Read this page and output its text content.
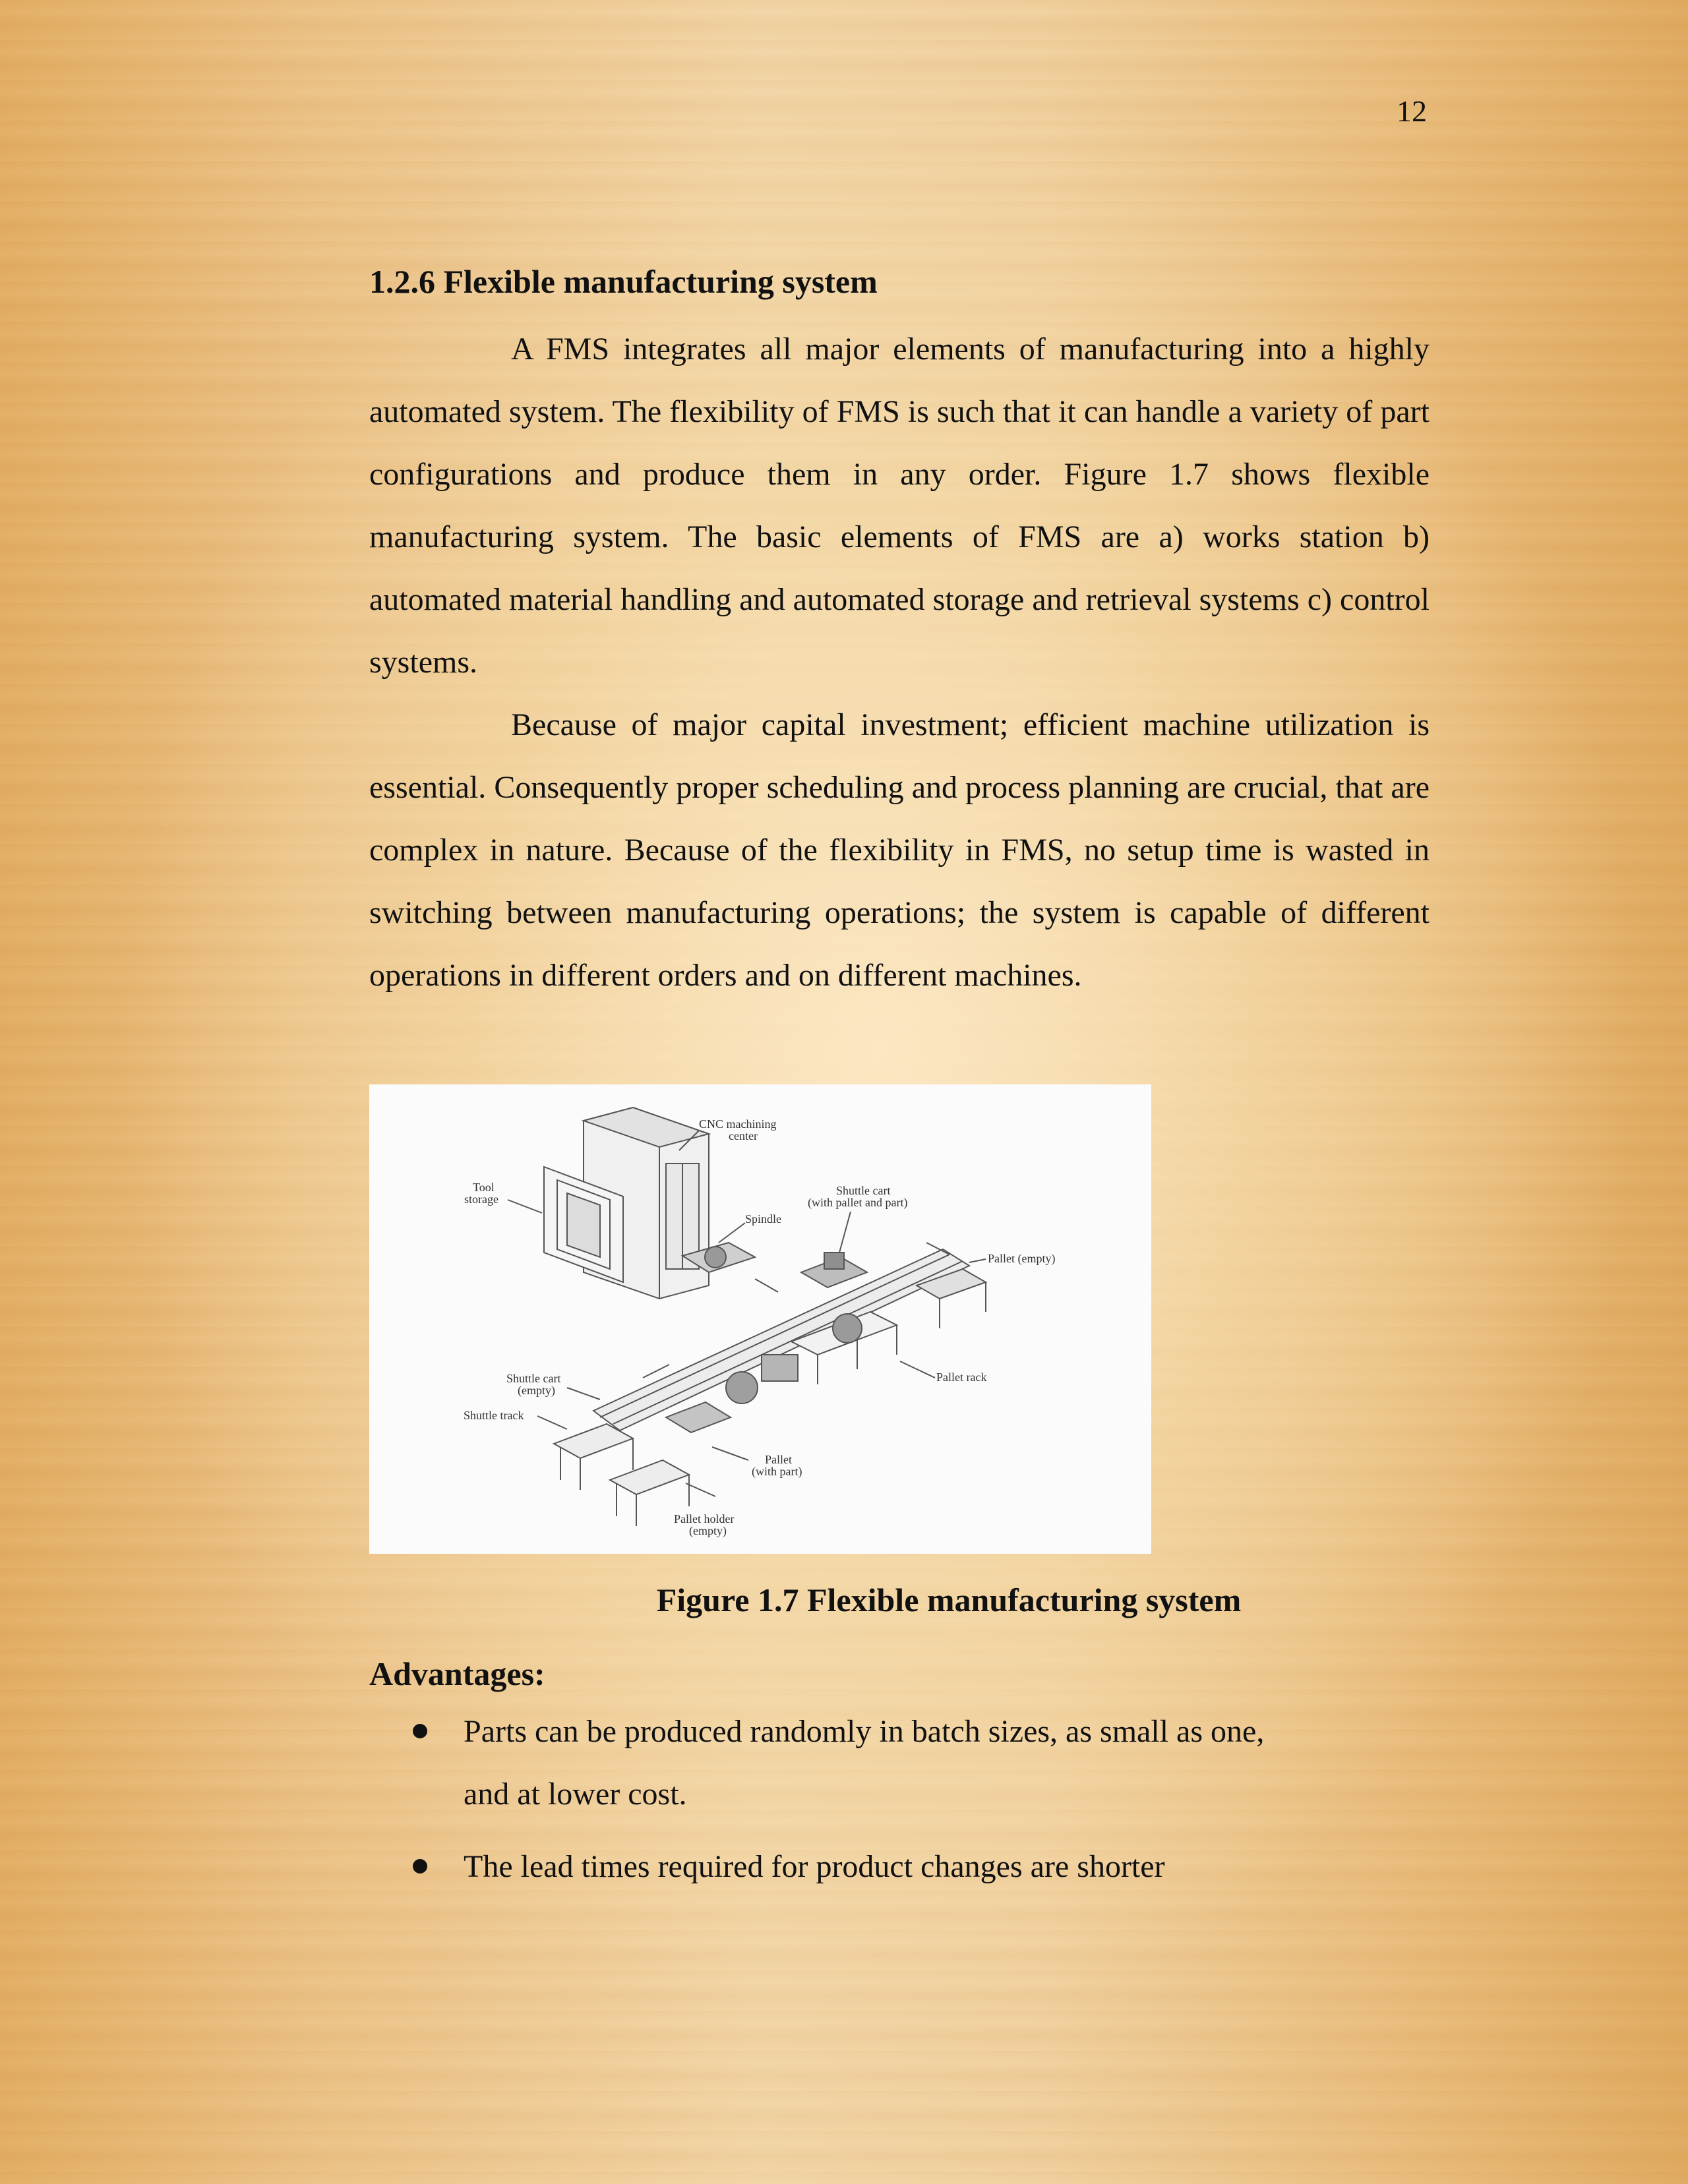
12
1.2.6 Flexible manufacturing system

A FMS integrates all major elements of manufacturing into a highly automated system. The flexibility of FMS is such that it can handle a variety of part configurations and produce them in any order. Figure 1.7 shows flexible manufacturing system. The basic elements of FMS are a) works station b) automated material handling and automated storage and retrieval systems c) control systems.

Because of major capital investment; efficient machine utilization is essential. Consequently proper scheduling and process planning are crucial, that are complex in nature. Because of the flexibility in FMS, no setup time is wasted in switching between manufacturing operations; the system is capable of different operations in different orders and on different machines.

CNC machining
center
Tool
storage
Spindle
Shuttle cart
(with pallet and part)
Pallet (empty)
Pallet rack
Shuttle cart
(empty)
Shuttle track
Pallet
(with part)
Pallet holder
(empty)

Figure 1.7 Flexible manufacturing system

Advantages:
Parts can be produced randomly in batch sizes, as small as one, and at lower cost.
The lead times required for product changes are shorter
